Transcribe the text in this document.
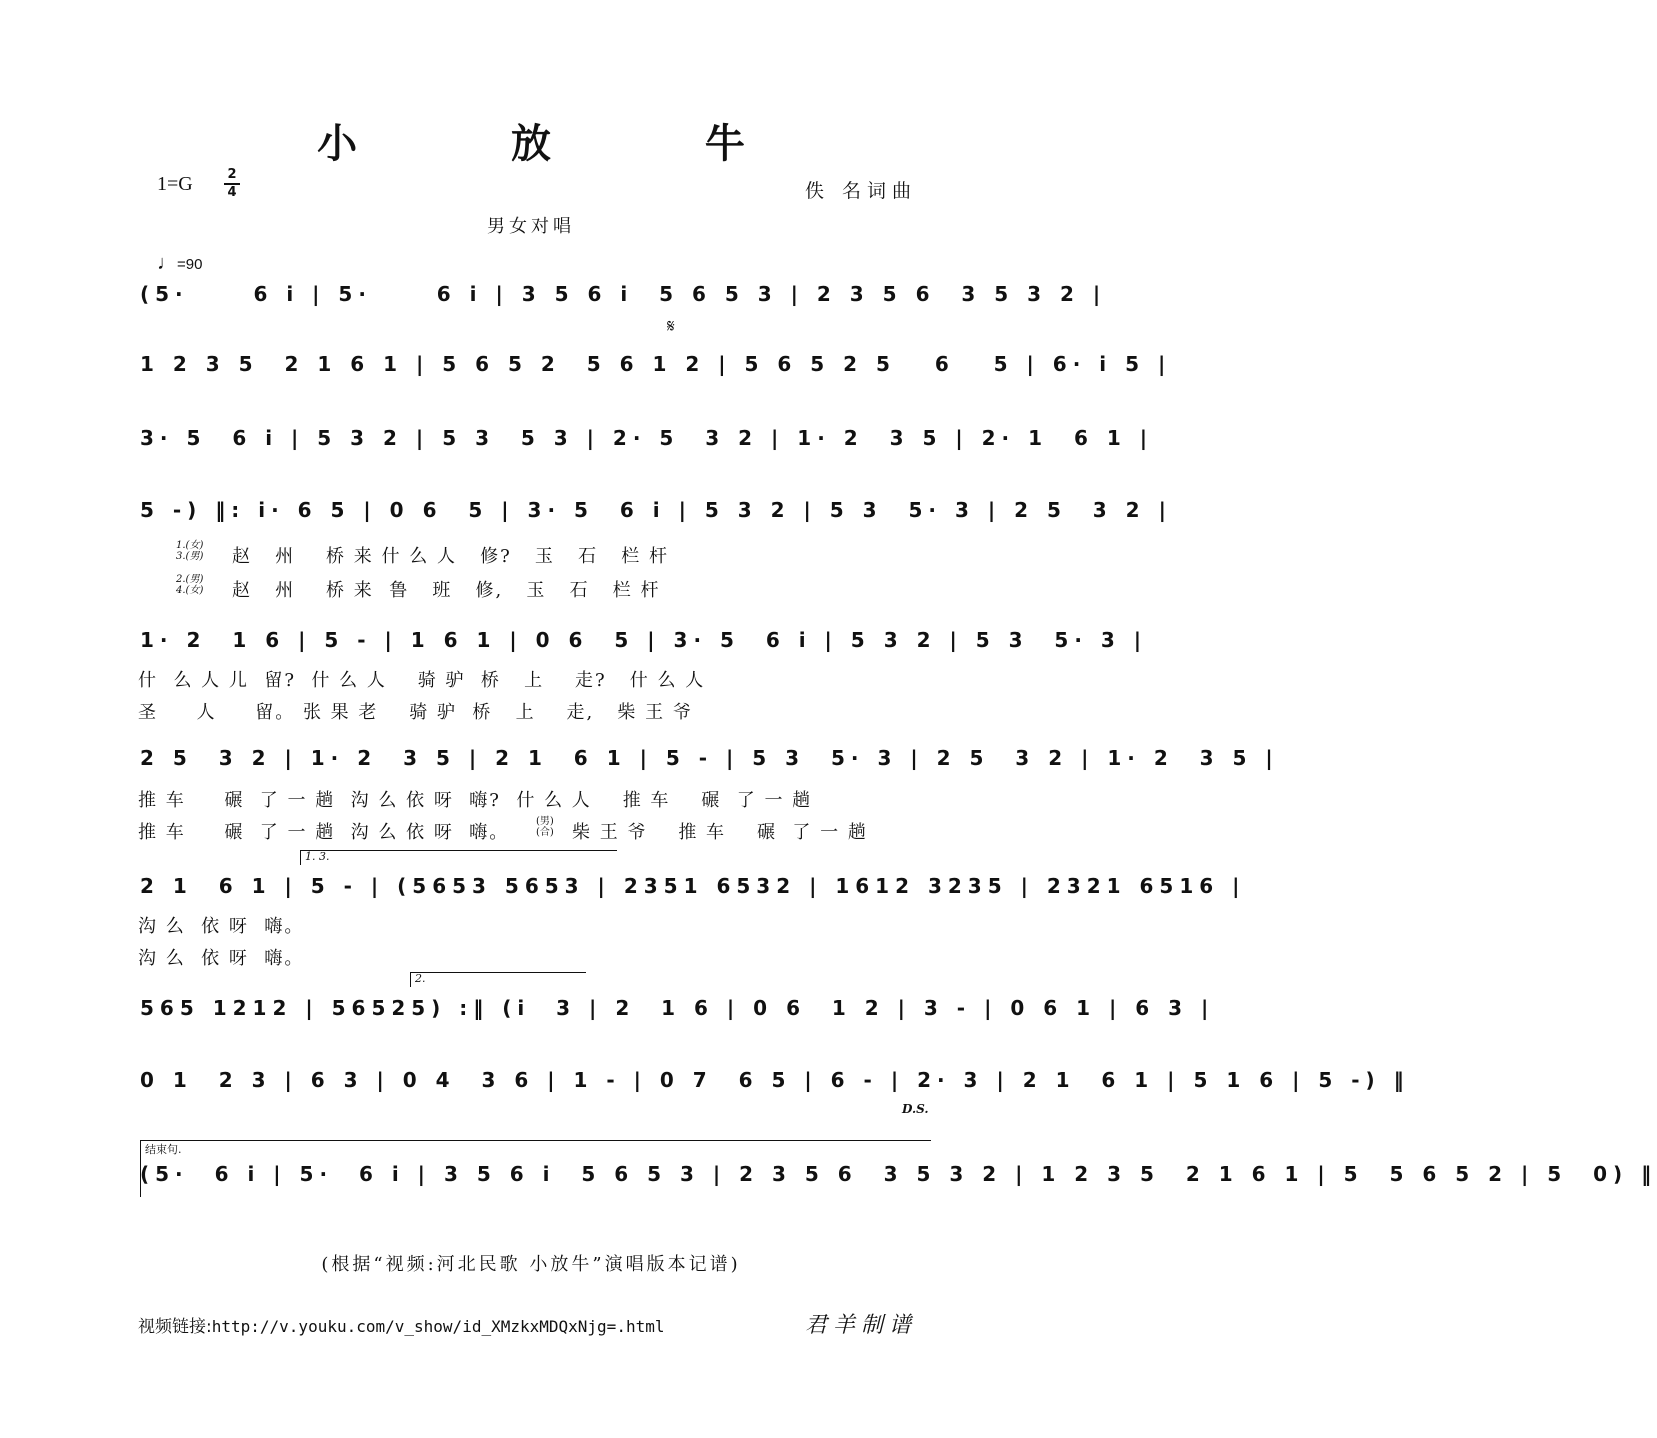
小 放 牛
1=G	2
4	佚 名词曲
男女对唱
♩=90
(5·     6 i | 5·     6 i | 3 5 6 i  5 6 5 3 | 2 3 5 6  3 5 3 2 |
𝄋
1 2 3 5  2 1 6 1 | 5 6 5 2  5 6 1 2 | 5 6 5 2 5   6   5 | 6· i 5 |
3· 5  6 i | 5 3 2 | 5 3  5 3 | 2· 5  3 2 | 1· 2  3 5 | 2· 1  6 1 |
5 -) ‖: i· 6 5 | 0 6  5 | 3· 5  6 i | 5 3 2 | 5 3  5· 3 | 2 5  3 2 |
1.(女)
3.(男)
2.(男)
4.(女)
赵   州    桥 来 什 么 人   修?   玉   石   栏 杆
赵   州    桥 来  鲁   班   修,   玉   石   栏 杆
1· 2  1 6 | 5 - | 1 6 1 | 0 6  5 | 3· 5  6 i | 5 3 2 | 5 3  5· 3 |
什  么 人 儿  留?  什 么 人    骑 驴  桥   上    走?   什 么 人
圣     人     留。 张 果 老    骑 驴  桥   上    走,   柴 王 爷
2 5  3 2 | 1· 2  3 5 | 2 1  6 1 | 5 - | 5 3  5· 3 | 2 5  3 2 | 1· 2  3 5 |
推 车     碾  了 一 趟  沟 么 依 呀  嗨?  什 么 人    推 车    碾  了 一 趟
推 车     碾  了 一 趟  沟 么 依 呀  嗨。
(男)
(合) 柴 王 爷    推 车    碾  了 一 趟
1. 3.
2 1  6 1 | 5 - | (5653 5653 | 2351 6532 | 1612 3235 | 2321 6516 |
沟 么  依 呀  嗨。
沟 么  依 呀  嗨。
2.
565 1212 | 56525) :‖ (i  3 | 2  1 6 | 0 6  1 2 | 3 - | 0 6 1 | 6 3 |
0 1  2 3 | 6 3 | 0 4  3 6 | 1 - | 0 7  6 5 | 6 - | 2· 3 | 2 1  6 1 | 5 1 6 | 5 -) ‖
D.S.
结束句.
(5·  6 i | 5·  6 i | 3 5 6 i  5 6 5 3 | 2 3 5 6  3 5 3 2 | 1 2 3 5  2 1 6 1 | 5  5 6 5 2 | 5  0) ‖
(根据“视频:河北民歌 小放牛”演唱版本记谱)
视频链接:http://v.youku.com/v_show/id_XMzkxMDQxNjg=.html	君羊制谱
